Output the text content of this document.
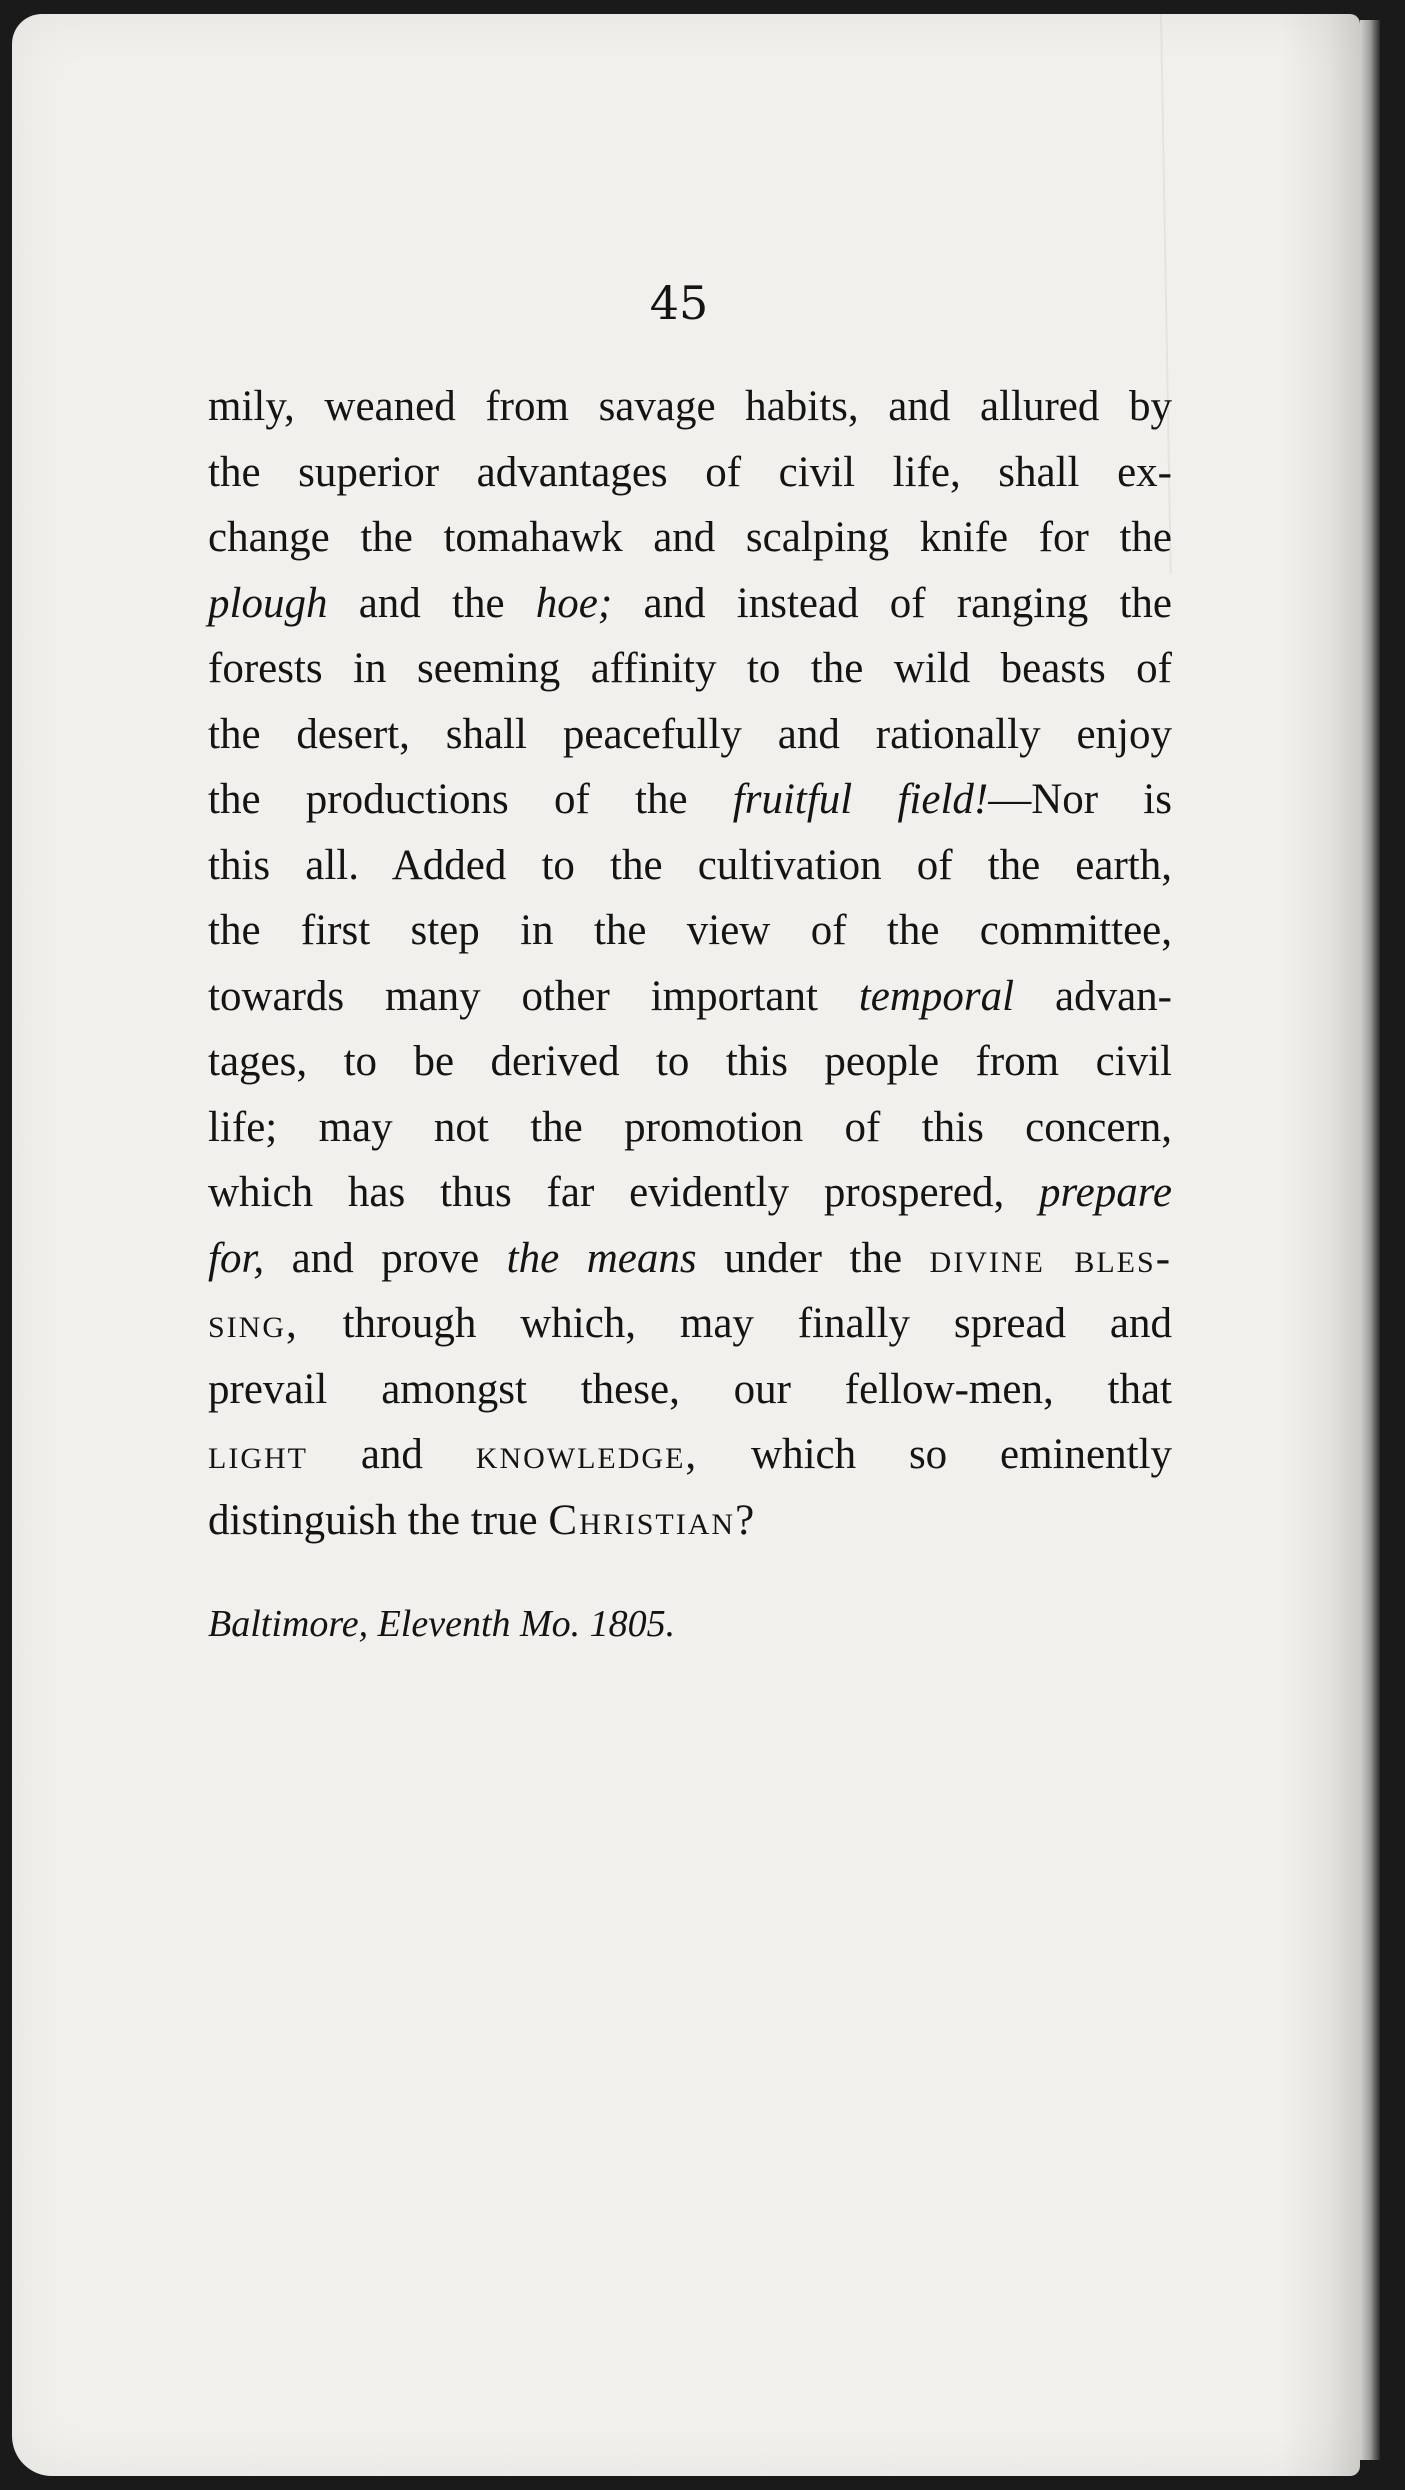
45

mily, weaned from savage habits, and allured by
the superior advantages of civil life, shall ex-
change the tomahawk and scalping knife for the
plough and the hoe; and instead of ranging the
forests in seeming affinity to the wild beasts of
the desert, shall peacefully and rationally enjoy
the productions of the fruitful field!—Nor is
this all. Added to the cultivation of the earth,
the first step in the view of the committee,
towards many other important temporal advan-
tages, to be derived to this people from civil
life; may not the promotion of this concern,
which has thus far evidently prospered, prepare
for, and prove the means under the divine bles-
sing, through which, may finally spread and
prevail amongst these, our fellow-men, that
light and knowledge, which so eminently
distinguish the true Christian?

Baltimore, Eleventh Mo. 1805.
